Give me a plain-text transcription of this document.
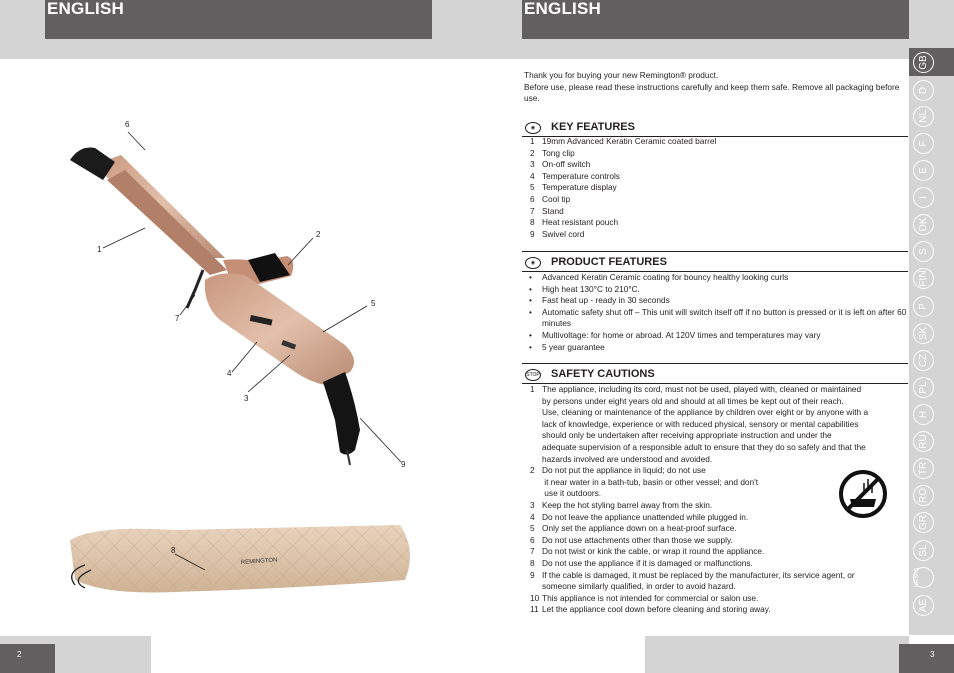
ENGLISH	ENGLISH
GB
D
NL
F
E
I
DK
S
FIN
P
SK
CZ
PL
H
RU
TR
RO
GR
SL
HR/SRB
AE
2	3
REMINGTON
6
1
2
5
7
4
3
9
8
Thank you for buying your new Remington® product.
Before use, please read these instructions carefully and keep them safe. Remove all packaging before use.
◉	KEY FEATURES
1 19mm Advanced Keratin Ceramic coated barrel
2 Tong clip
3 On-off switch
4 Temperature controls
5 Temperature display
6 Cool tip
7 Stand
8 Heat resistant pouch
9 Swivel cord
◉	PRODUCT FEATURES
• Advanced Keratin Ceramic coating for bouncy healthy looking curls
• High heat 130°C to 210°C.
• Fast heat up - ready in 30 seconds
• Automatic safety shut off – This unit will switch itself off if no button is pressed or it is left on after 60 minutes
• Multivoltage: for home or abroad. At 120V times and temperatures may vary
• 5 year guarantee
STOP SAFETY CAUTIONS
1 The appliance, including its cord, must not be used, played with, cleaned or maintained
by persons under eight years old and should at all times be kept out of their reach.
Use, cleaning or maintenance of the appliance by children over eight or by anyone with a
lack of knowledge, experience or with reduced physical, sensory or mental capabilities
should only be undertaken after receiving appropriate instruction and under the
adequate supervision of a responsible adult to ensure that they do so safely and that the
hazards involved are understood and avoided.
2 Do not put the appliance in liquid; do not use
it near water in a bath-tub, basin or other vessel; and don't
use it outdoors.
3 Keep the hot styling barrel away from the skin.
4 Do not leave the appliance unattended while plugged in.
5 Only set the appliance down on a heat-proof surface.
6 Do not use attachments other than those we supply.
7 Do not twist or kink the cable, or wrap it round the appliance.
8 Do not use the appliance if it is damaged or malfunctions.
9 If the cable is damaged, it must be replaced by the manufacturer, its service agent, or
someone similarly qualified, in order to avoid hazard.
10 This appliance is not intended for commercial or salon use.
11 Let the appliance cool down before cleaning and storing away.
